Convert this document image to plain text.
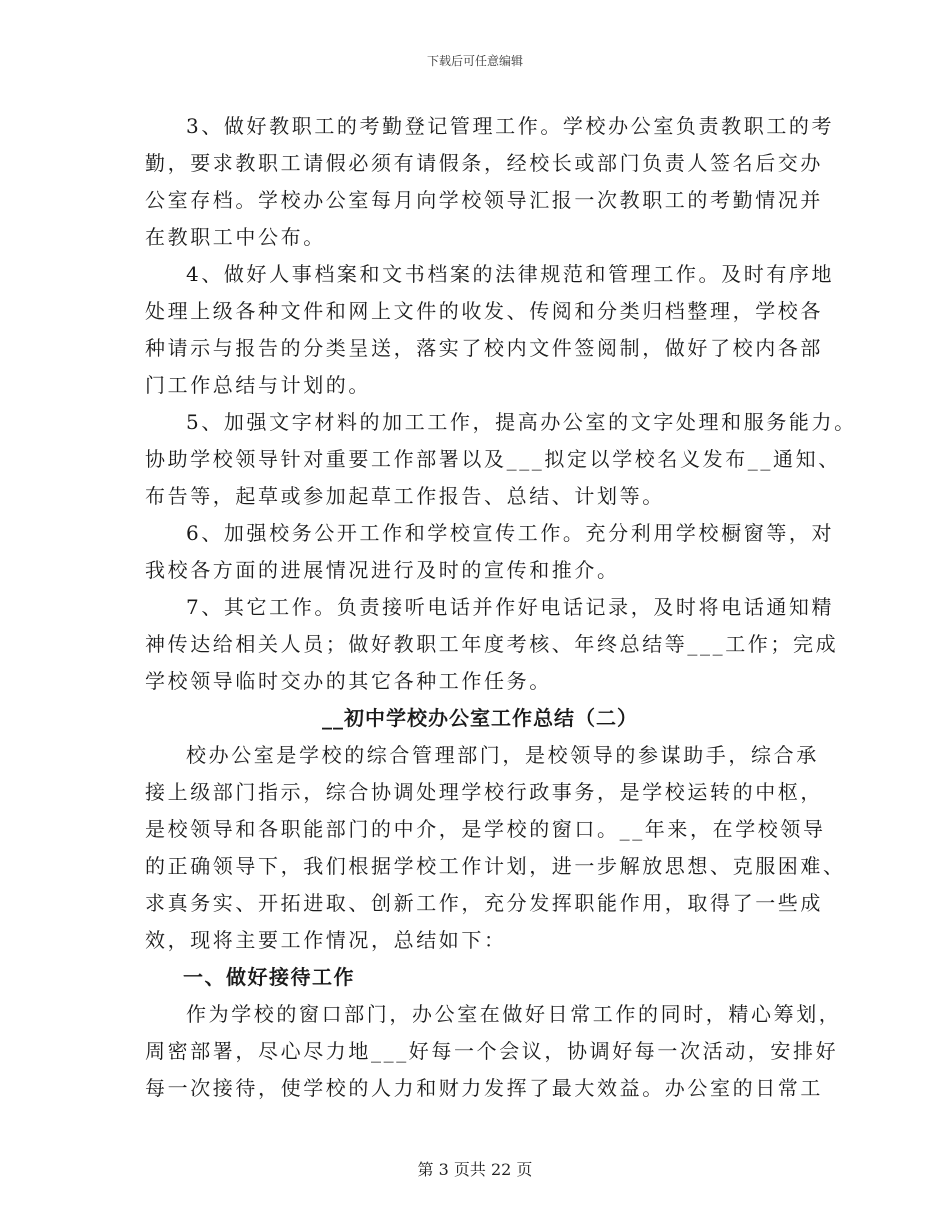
下载后可任意编辑
3、做好教职工的考勤登记管理工作。学校办公室负责教职工的考
勤，要求教职工请假必须有请假条，经校长或部门负责人签名后交办
公室存档。学校办公室每月向学校领导汇报一次教职工的考勤情况并
在教职工中公布。
4、做好人事档案和文书档案的法律规范和管理工作。及时有序地
处理上级各种文件和网上文件的收发、传阅和分类归档整理，学校各
种请示与报告的分类呈送，落实了校内文件签阅制，做好了校内各部
门工作总结与计划的。
5、加强文字材料的加工工作，提高办公室的文字处理和服务能力。
协助学校领导针对重要工作部署以及___拟定以学校名义发布__通知、
布告等，起草或参加起草工作报告、总结、计划等。
6、加强校务公开工作和学校宣传工作。充分利用学校橱窗等，对
我校各方面的进展情况进行及时的宣传和推介。
7、其它工作。负责接听电话并作好电话记录，及时将电话通知精
神传达给相关人员；做好教职工年度考核、年终总结等___工作；完成
学校领导临时交办的其它各种工作任务。
__初中学校办公室工作总结（二）
校办公室是学校的综合管理部门，是校领导的参谋助手，综合承
接上级部门指示，综合协调处理学校行政事务，是学校运转的中枢，
是校领导和各职能部门的中介，是学校的窗口。__年来，在学校领导
的正确领导下，我们根据学校工作计划，进一步解放思想、克服困难、
求真务实、开拓进取、创新工作，充分发挥职能作用，取得了一些成
效，现将主要工作情况，总结如下：
一、做好接待工作
作为学校的窗口部门，办公室在做好日常工作的同时，精心筹划，
周密部署，尽心尽力地___好每一个会议，协调好每一次活动，安排好
每一次接待，使学校的人力和财力发挥了最大效益。办公室的日常工
第 3 页共 22 页
